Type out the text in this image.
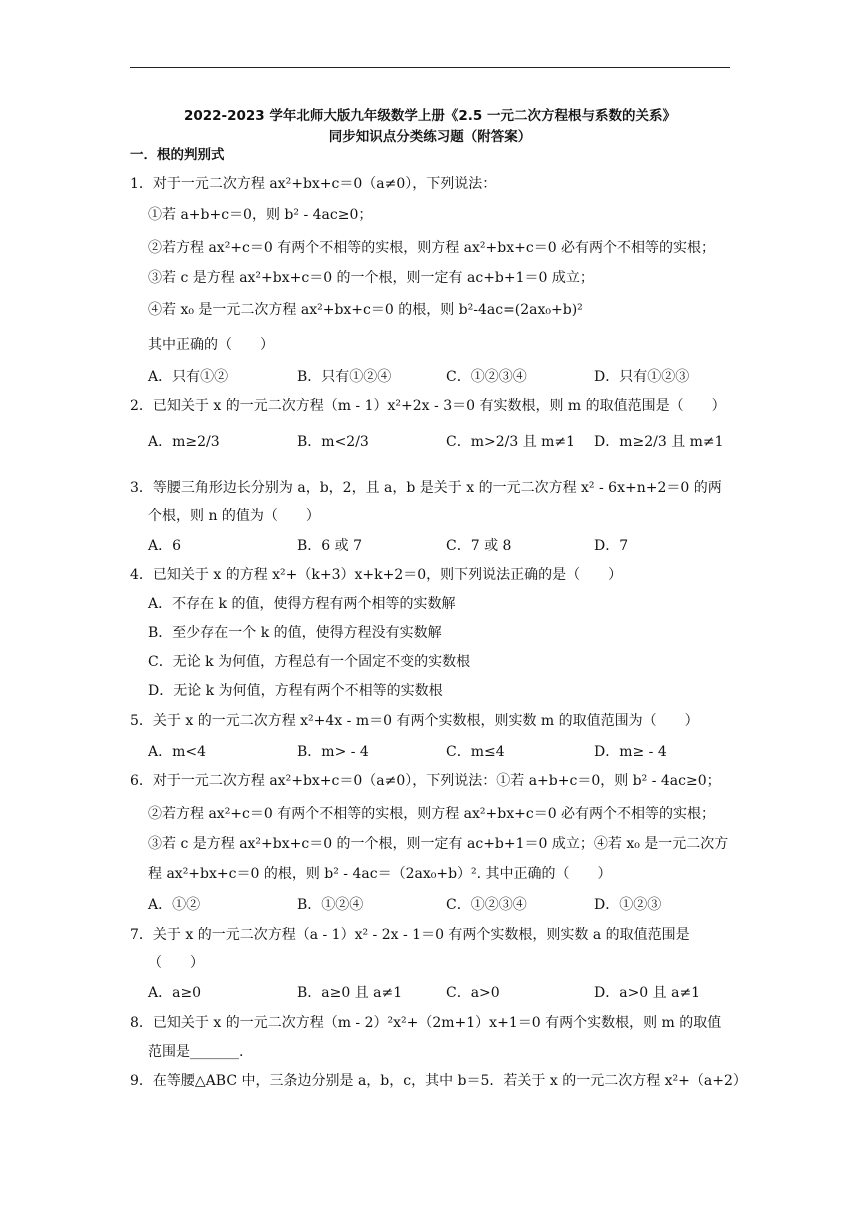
2022-2023 学年北师大版九年级数学上册《2.5 一元二次方程根与系数的关系》
同步知识点分类练习题（附答案）
一．根的判别式
1．对于一元二次方程 ax²+bx+c＝0（a≠0），下列说法：
①若 a+b+c＝0，则 b² - 4ac≥0；
②若方程 ax²+c＝0 有两个不相等的实根，则方程 ax²+bx+c＝0 必有两个不相等的实根；
③若 c 是方程 ax²+bx+c＝0 的一个根，则一定有 ac+b+1＝0 成立；
④若 x₀ 是一元二次方程 ax²+bx+c＝0 的根，则 b²-4ac=(2ax₀+b)²
其中正确的（　　）
A．只有①②	B．只有①②④	C．①②③④	D．只有①②③
2．已知关于 x 的一元二次方程（m - 1）x²+2x - 3＝0 有实数根，则 m 的取值范围是（　　）
A．m≥2/3	B．m<2/3	C．m>2/3 且 m≠1 D．m≥2/3 且 m≠1
3．等腰三角形边长分别为 a，b，2，且 a，b 是关于 x 的一元二次方程 x² - 6x+n+2＝0 的两
个根，则 n 的值为（　　）
A．6	B．6 或 7	C．7 或 8	D．7
4．已知关于 x 的方程 x²+（k+3）x+k+2＝0，则下列说法正确的是（　　）
A．不存在 k 的值，使得方程有两个相等的实数解
B．至少存在一个 k 的值，使得方程没有实数解
C．无论 k 为何值，方程总有一个固定不变的实数根
D．无论 k 为何值，方程有两个不相等的实数根
5．关于 x 的一元二次方程 x²+4x - m＝0 有两个实数根，则实数 m 的取值范围为（　　）
A．m<4	B．m> - 4	C．m≤4	D．m≥ - 4
6．对于一元二次方程 ax²+bx+c＝0（a≠0），下列说法：①若 a+b+c＝0，则 b² - 4ac≥0；
②若方程 ax²+c＝0 有两个不相等的实根，则方程 ax²+bx+c＝0 必有两个不相等的实根；
③若 c 是方程 ax²+bx+c＝0 的一个根，则一定有 ac+b+1＝0 成立；④若 x₀ 是一元二次方
程 ax²+bx+c＝0 的根，则 b² - 4ac＝（2ax₀+b）². 其中正确的（　　）
A．①②	B．①②④	C．①②③④	D．①②③
7．关于 x 的一元二次方程（a - 1）x² - 2x - 1＝0 有两个实数根，则实数 a 的取值范围是
（　　）
A．a≥0	B．a≥0 且 a≠1	C．a>0	D．a>0 且 a≠1
8．已知关于 x 的一元二次方程（m - 2）²x²+（2m+1）x+1＝0 有两个实数根，则 m 的取值
范围是_______.
9．在等腰△ABC 中，三条边分别是 a，b，c，其中 b＝5．若关于 x 的一元二次方程 x²+（a+2）
